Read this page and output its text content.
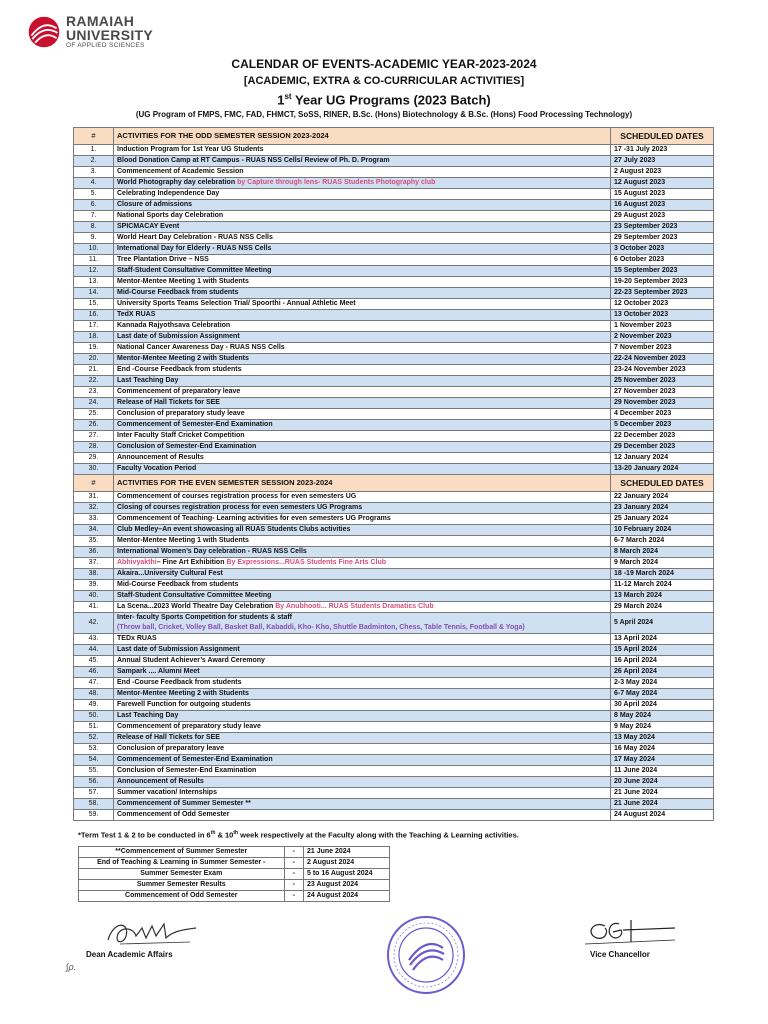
RAMAIAH
UNIVERSITY
OF APPLIED SCIENCES
CALENDAR OF EVENTS-ACADEMIC YEAR-2023-2024
[ACADEMIC, EXTRA & CO-CURRICULAR ACTIVITIES]
1st Year UG Programs (2023 Batch)
(UG Program of FMPS, FMC, FAD, FHMCT, SoSS, RINER, B.Sc. (Hons) Biotechnology & B.Sc. (Hons) Food Processing Technology)
#	ACTIVITIES FOR THE ODD SEMESTER SESSION 2023-2024	SCHEDULED DATES
1.	Induction Program for 1st Year UG Students	17 -31 July 2023
2.	Blood Donation Camp at RT Campus - RUAS NSS Cells/ Review of Ph. D. Program	27 July 2023
3.	Commencement of Academic Session	2 August 2023
4.	World Photography day celebration by Capture through lens- RUAS Students Photography club	12 August 2023
5.	Celebrating Independence Day	15 August 2023
6.	Closure of admissions	16 August 2023
7.	National Sports day Celebration	29 August 2023
8.	SPICMACAY Event	23 September 2023
9.	World Heart Day Celebration - RUAS NSS Cells	29 September 2023
10.	International Day for Elderly - RUAS NSS Cells	3 October 2023
11.	Tree Plantation Drive – NSS	6 October 2023
12.	Staff-Student Consultative Committee Meeting	15 September 2023
13.	Mentor-Mentee Meeting 1 with Students	19-20 September 2023
14.	Mid-Course Feedback from students	22-23 September 2023
15.	University Sports Teams Selection Trial/ Spoorthi - Annual Athletic Meet	12 October 2023
16.	TedX RUAS	13 October 2023
17.	Kannada Rajyothsava Celebration	1 November 2023
18.	Last date of Submission Assignment	2 November 2023
19.	National Cancer Awareness Day - RUAS NSS Cells	7 November 2023
20.	Mentor-Mentee Meeting 2 with Students	22-24 November 2023
21.	End -Course Feedback from students	23-24 November 2023
22.	Last Teaching Day	25 November 2023
23.	Commencement of preparatory leave	27 November 2023
24.	Release of Hall Tickets for SEE	29 November 2023
25.	Conclusion of preparatory study leave	4 December 2023
26.	Commencement of Semester-End Examination	5 December 2023
27.	Inter Faculty Staff Cricket Competition	22 December 2023
28.	Conclusion of Semester-End Examination	29 December 2023
29.	Announcement of Results	12 January 2024
30.	Faculty Vocation Period	13-20 January 2024
#	ACTIVITIES FOR THE EVEN SEMESTER SESSION 2023-2024	SCHEDULED DATES
31.	Commencement of courses registration process for even semesters UG	22 January 2024
32.	Closing of courses registration process for even semesters UG Programs	23 January 2024
33.	Commencement of Teaching- Learning activities for even semesters UG Programs	25 January 2024
34.	Club Medley–An event showcasing all RUAS Students Clubs activities	10 February 2024
35.	Mentor-Mentee Meeting 1 with Students	6-7 March 2024
36.	International Women’s Day celebration - RUAS NSS Cells	8 March 2024
37.	Abhivyakthi– Fine Art Exhibition By Expressions...RUAS Students Fine Arts Club	9 March 2024
38.	Akaira...University Cultural Fest	18 -19 March 2024
39.	Mid-Course Feedback from students	11-12 March 2024
40.	Staff-Student Consultative Committee Meeting	13 March 2024
41.	La Scena...2023 World Theatre Day Celebration By Anubhooti... RUAS Students Dramatics Club	29 March 2024
42.	Inter- faculty Sports Competition for students & staff
(Throw ball, Cricket, Volley Ball, Basket Ball, Kabaddi, Kho- Kho, Shuttle Badminton, Chess, Table Tennis, Football & Yoga)	5 April 2024
43.	TEDx RUAS	13 April 2024
44.	Last date of Submission Assignment	15 April 2024
45.	Annual Student Achiever’s Award Ceremony	16 April 2024
46.	Sampark .... Alumni Meet	26 April 2024
47.	End -Course Feedback from students	2-3 May 2024
48.	Mentor-Mentee Meeting 2 with Students	6-7 May 2024
49.	Farewell Function for outgoing students	30 April 2024
50.	Last Teaching Day	8 May 2024
51.	Commencement of preparatory study leave	9 May 2024
52.	Release of Hall Tickets for SEE	13 May 2024
53.	Conclusion of preparatory leave	16 May 2024
54.	Commencement of Semester-End Examination	17 May 2024
55.	Conclusion of Semester-End Examination	11 June 2024
56.	Announcement of Results	20 June 2024
57.	Summer vacation/ Internships	21 June 2024
58.	Commencement of Summer Semester **	21 June 2024
59.	Commencement of Odd Semester	24 August 2024
*Term Test 1 & 2 to be conducted in 6th & 10th week respectively at the Faculty along with the Teaching & Learning activities.
**Commencement of Summer Semester	-	21 June 2024
End of Teaching & Learning in Summer Semester -	-	2 August 2024
Summer Semester Exam	-	5 to 16 August 2024
Summer Semester Results	-	23 August 2024
Commencement of Odd Semester	-	24 August 2024
Dean Academic Affairs
∫ρ.
Vice Chancellor
